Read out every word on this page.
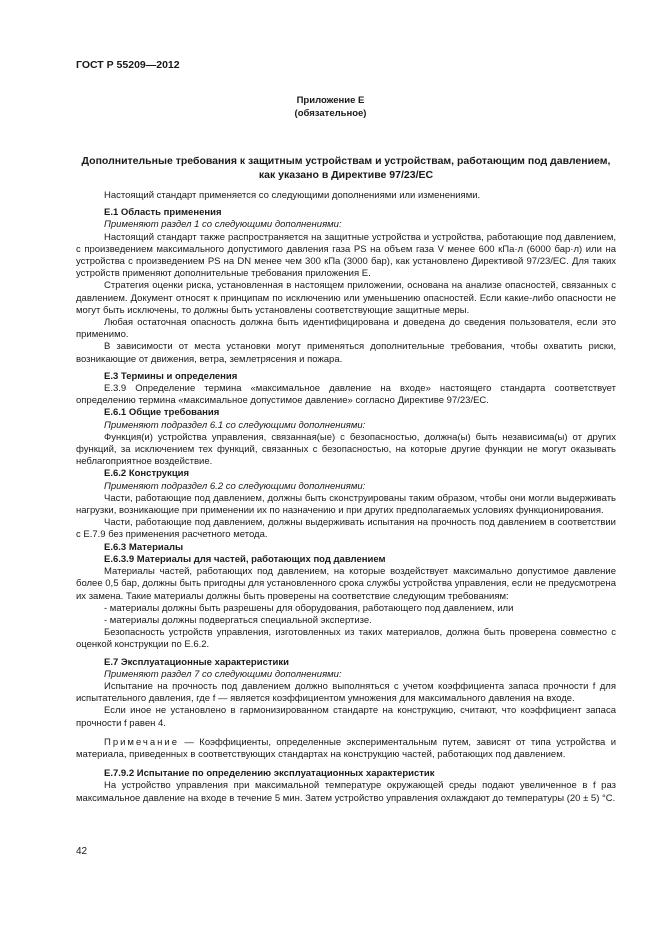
ГОСТ Р 55209—2012
Приложение Е
(обязательное)
Дополнительные требования к защитным устройствам и устройствам, работающим под давлением, как указано в Директиве 97/23/ЕС

Настоящий стандарт применяется со следующими дополнениями или изменениями.

Е.1 Область применения

Применяют раздел 1 со следующими дополнениями:

Настоящий стандарт также распространяется на защитные устройства и устройства, работающие под давлением, с произведением максимального допустимого давления газа PS на объем газа V менее 600 кПа·л (6000 бар·л) или на устройства с произведением PS на DN менее чем 300 кПа (3000 бар), как установлено Директивой 97/23/ЕС. Для таких устройств применяют дополнительные требования приложения Е.

Стратегия оценки риска, установленная в настоящем приложении, основана на анализе опасностей, связанных с давлением. Документ относят к принципам по исключению или уменьшению опасностей. Если какие-либо опасности не могут быть исключены, то должны быть установлены соответствующие защитные меры.

Любая остаточная опасность должна быть идентифицирована и доведена до сведения пользователя, если это применимо.

В зависимости от места установки могут применяться дополнительные требования, чтобы охватить риски, возникающие от движения, ветра, землетрясения и пожара.

Е.3 Термины и определения

Е.3.9 Определение термина «максимальное давление на входе» настоящего стандарта соответствует определению термина «максимальное допустимое давление» согласно Директиве 97/23/ЕС.

Е.6.1 Общие требования

Применяют подраздел 6.1 со следующими дополнениями:

Функция(и) устройства управления, связанная(ые) с безопасностью, должна(ы) быть независима(ы) от других функций, за исключением тех функций, связанных с безопасностью, на которые другие функции не могут оказывать неблагоприятное воздействие.

Е.6.2 Конструкция

Применяют подраздел 6.2 со следующими дополнениями:

Части, работающие под давлением, должны быть сконструированы таким образом, чтобы они могли выдерживать нагрузки, возникающие при применении их по назначению и при других предполагаемых условиях функционирования.

Части, работающие под давлением, должны выдерживать испытания на прочность под давлением в соответствии с Е.7.9 без применения расчетного метода.

Е.6.3 Материалы
Е.6.3.9 Материалы для частей, работающих под давлением

Материалы частей, работающих под давлением, на которые воздействует максимально допустимое давление более 0,5 бар, должны быть пригодны для установленного срока службы устройства управления, если не предусмотрена их замена. Такие материалы должны быть проверены на соответствие следующим требованиям:

- материалы должны быть разрешены для оборудования, работающего под давлением, или

- материалы должны подвергаться специальной экспертизе.

Безопасность устройств управления, изготовленных из таких материалов, должна быть проверена совместно с оценкой конструкции по Е.6.2.

Е.7 Эксплуатационные характеристики

Применяют раздел 7 со следующими дополнениями:

Испытание на прочность под давлением должно выполняться с учетом коэффициента запаса прочности f для испытательного давления, где f — является коэффициентом умножения для максимального давления на входе.

Если иное не установлено в гармонизированном стандарте на конструкцию, считают, что коэффициент запаса прочности f равен 4.

Примечание — Коэффициенты, определенные экспериментальным путем, зависят от типа устройства и материала, приведенных в соответствующих стандартах на конструкцию частей, работающих под давлением.

Е.7.9.2 Испытание по определению эксплуатационных характеристик

На устройство управления при максимальной температуре окружающей среды подают увеличенное в f раз максимальное давление на входе в течение 5 мин. Затем устройство управления охлаждают до температуры (20 ± 5) °С.

42
